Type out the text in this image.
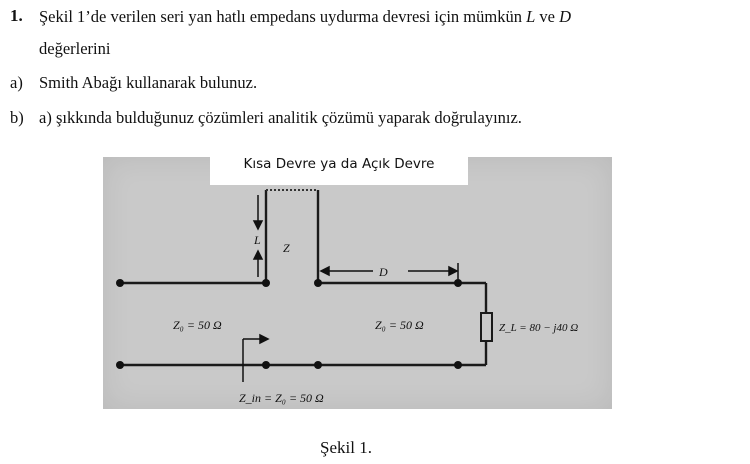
1. Şekil 1’de verilen seri yan hatlı empedans uydurma devresi için mümkün L ve D
değerlerini
a) Smith Abağı kullanarak bulunuz.
b) a) şıkkında bulduğunuz çözümleri analitik çözümü yaparak doğrulayınız.
L
Z
D
Z₀ = 50 Ω	Z₀ = 50 Ω	Z_L = 80 − j40 Ω
Z_in = Z₀ = 50 Ω
Kısa Devre ya da Açık Devre
Şekil 1.
